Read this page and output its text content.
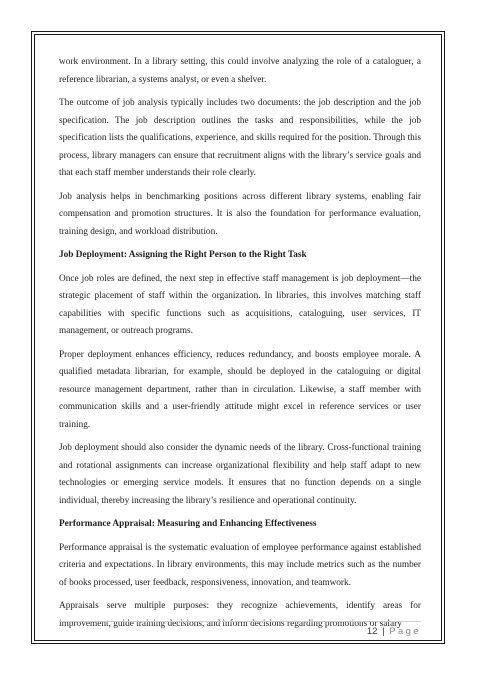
work environment. In a library setting, this could involve analyzing the role of a cataloguer, a reference librarian, a systems analyst, or even a shelver.

The outcome of job analysis typically includes two documents: the job description and the job specification. The job description outlines the tasks and responsibilities, while the job specification lists the qualifications, experience, and skills required for the position. Through this process, library managers can ensure that recruitment aligns with the library’s service goals and that each staff member understands their role clearly.

Job analysis helps in benchmarking positions across different library systems, enabling fair compensation and promotion structures. It is also the foundation for performance evaluation, training design, and workload distribution.

Job Deployment: Assigning the Right Person to the Right Task

Once job roles are defined, the next step in effective staff management is job deployment—the strategic placement of staff within the organization. In libraries, this involves matching staff capabilities with specific functions such as acquisitions, cataloguing, user services, IT management, or outreach programs.

Proper deployment enhances efficiency, reduces redundancy, and boosts employee morale. A qualified metadata librarian, for example, should be deployed in the cataloguing or digital resource management department, rather than in circulation. Likewise, a staff member with communication skills and a user-friendly attitude might excel in reference services or user training.

Job deployment should also consider the dynamic needs of the library. Cross-functional training and rotational assignments can increase organizational flexibility and help staff adapt to new technologies or emerging service models. It ensures that no function depends on a single individual, thereby increasing the library’s resilience and operational continuity.

Performance Appraisal: Measuring and Enhancing Effectiveness

Performance appraisal is the systematic evaluation of employee performance against established criteria and expectations. In library environments, this may include metrics such as the number of books processed, user feedback, responsiveness, innovation, and teamwork.

Appraisals serve multiple purposes: they recognize achievements, identify areas for improvement, guide training decisions, and inform decisions regarding promotions or salary

12 | Page
